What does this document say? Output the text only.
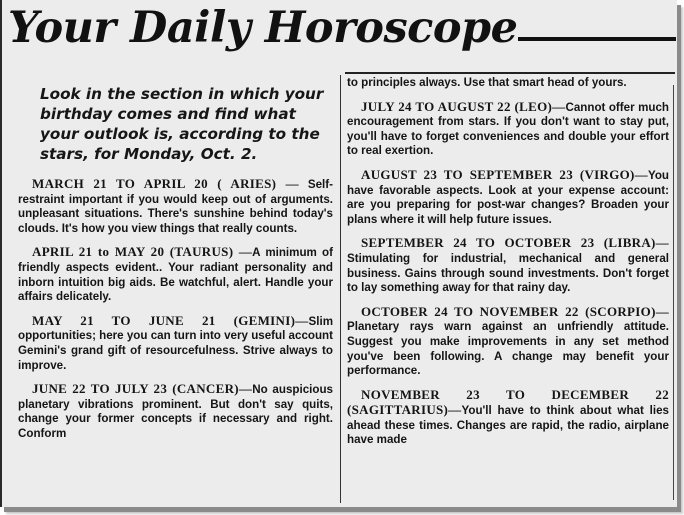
Your Daily Horoscope
Look in the section in which your birthday comes and find what your outlook is, according to the stars, for Monday, Oct. 2.

MARCH 21 TO APRIL 20 ( ARIES) — Self-restraint important if you would keep out of arguments. unpleasant situations. There's sunshine behind today's clouds. It's how you view things that really counts.

APRIL 21 to MAY 20 (TAURUS) —A minimum of friendly aspects evident.. Your radiant personality and inborn intuition big aids. Be watchful, alert. Handle your affairs delicately.

MAY 21 TO JUNE 21 (GEMINI)—Slim opportunities; here you can turn into very useful account Gemini's grand gift of resourcefulness. Strive always to improve.

JUNE 22 TO JULY 23 (CANCER)—No auspicious planetary vibrations prominent. But don't say quits, change your former concepts if necessary and right. Conform

to principles always. Use that smart head of yours.

JULY 24 TO AUGUST 22 (LEO)—Cannot offer much encouragement from stars. If you don't want to stay put, you'll have to forget conveniences and double your effort to real exertion.

AUGUST 23 TO SEPTEMBER 23 (VIRGO)—You have favorable aspects. Look at your expense account: are you preparing for post-war changes? Broaden your plans where it will help future issues.

SEPTEMBER 24 TO OCTOBER 23 (LIBRA)—Stimulating for industrial, mechanical and general business. Gains through sound investments. Don't forget to lay something away for that rainy day.

OCTOBER 24 TO NOVEMBER 22 (SCORPIO)—Planetary rays warn against an unfriendly attitude. Suggest you make improvements in any set method you've been following. A change may benefit your performance.

NOVEMBER 23 TO DECEMBER 22 (SAGITTARIUS)—You'll have to think about what lies ahead these times. Changes are rapid, the radio, airplane have made
